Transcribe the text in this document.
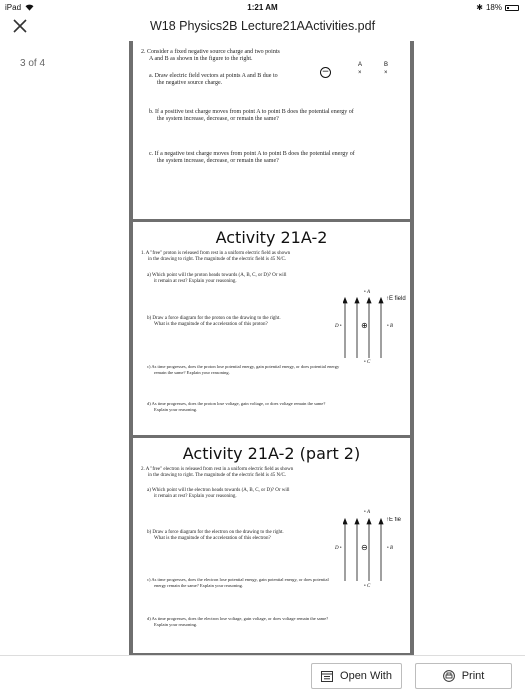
iPad	1:21 AM	✱ 18%
W18 Physics2B Lecture21AActivities.pdf
3 of 4
2. Consider a fixed negative source charge and two points
A and B as shown in the figure to the right.
a. Draw electric field vectors at points A and B due to
the negative source charge.
b. If a positive test charge moves from point A to point B does the potential energy of
the system increase, decrease, or remain the same?
c. If a negative test charge moves from point A to point B does the potential energy of
the system increase, decrease, or remain the same?
−
A
×
B
×
Activity 21A-2
1. A "free" proton is released from rest in a uniform electric field as shown
in the drawing to right. The magnitude of the electric field is 45 N/C.
a) Which point will the proton heads towards (A, B, C, or D)? Or will
it remain at rest? Explain your reasoning.
b) Draw a force diagram for the proton on the drawing to the right.
What is the magnitude of the acceleration of this proton?
c) As time progresses, does the proton lose potential energy, gain potential energy, or does potential energy
remain the same? Explain your reasoning.
d) As time progresses, does the proton lose voltage, gain voltage, or does voltage remain the same?
Explain your reasoning.
• A
D •	• B
• C
⊕
↑E field
Activity 21A-2 (part 2)
2. A "free" electron is released from rest in a uniform electric field as shown
in the drawing to right. The magnitude of the electric field is 45 N/C.
a) Which point will the electron heads towards (A, B, C, or D)? Or will
it remain at rest? Explain your reasoning.
b) Draw a force diagram for the electron on the drawing to the right.
What is the magnitude of the acceleration of this electron?
c) As time progresses, does the electron lose potential energy, gain potential energy, or does potential
energy remain the same? Explain your reasoning.
d) As time progresses, does the electron lose voltage, gain voltage, or does voltage remain the same?
Explain your reasoning.
• A
D •	• B
• C
⊖
↑E fie
Open With	Print
